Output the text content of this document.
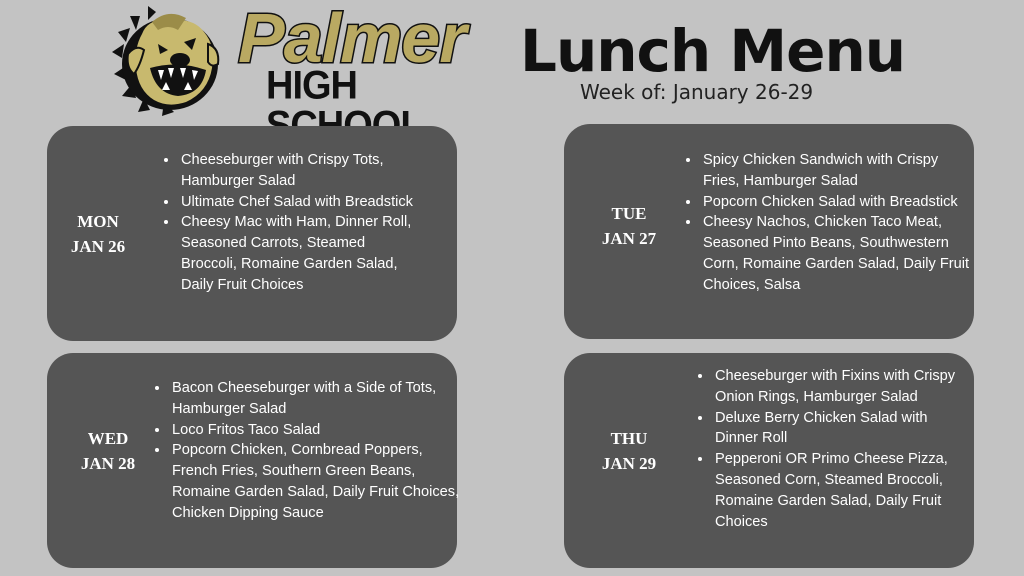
Palmer
HIGH
Lunch Menu
Week of: January 26-29
MON
JAN 26
• Cheeseburger with Crispy Tots, Hamburger Salad
• Ultimate Chef Salad with Breadstick
• Cheesy Mac with Ham, Dinner Roll, Seasoned Carrots, Steamed Broccoli, Romaine Garden Salad, Daily Fruit Choices
TUE
JAN 27
• Spicy Chicken Sandwich with Crispy Fries, Hamburger Salad
• Popcorn Chicken Salad with Breadstick
• Cheesy Nachos, Chicken Taco Meat, Seasoned Pinto Beans, Southwestern Corn, Romaine Garden Salad, Daily Fruit Choices, Salsa
WED
JAN 28
• Bacon Cheeseburger with a Side of Tots, Hamburger Salad
• Loco Fritos Taco Salad
• Popcorn Chicken, Cornbread Poppers, French Fries, Southern Green Beans, Romaine Garden Salad, Daily Fruit Choices, Chicken Dipping Sauce
THU
JAN 29
• Cheeseburger with Fixins with Crispy Onion Rings, Hamburger Salad
• Deluxe Berry Chicken Salad with Dinner Roll
• Pepperoni OR Primo Cheese Pizza, Seasoned Corn, Steamed Broccoli, Romaine Garden Salad, Daily Fruit Choices
